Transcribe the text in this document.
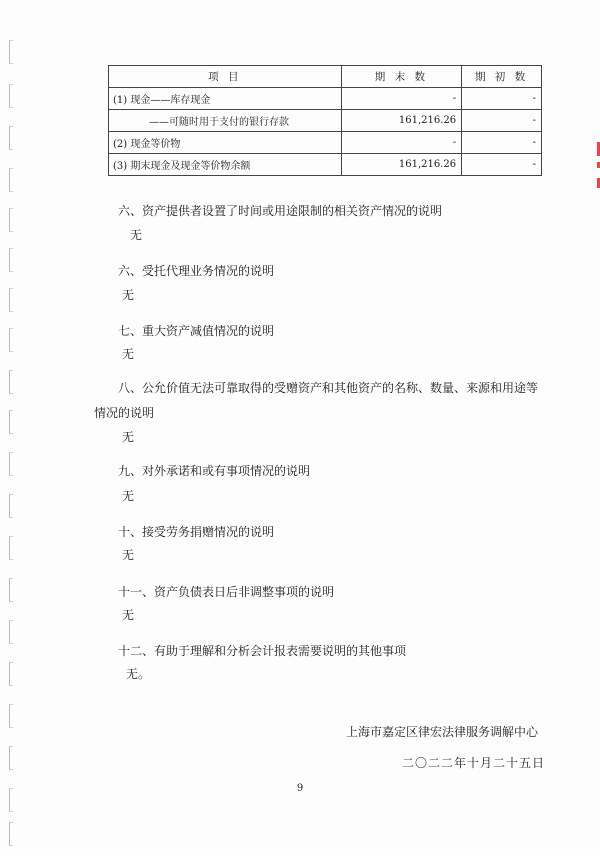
项 目	期 末 数	期 初 数
(1) 现金——库存现金	-	-
——可随时用于支付的银行存款	161,216.26	-
(2) 现金等价物	-	-
(3) 期末现金及现金等价物余额	161,216.26	-
六、资产提供者设置了时间或用途限制的相关资产情况的说明
无
六、受托代理业务情况的说明
无
七、重大资产减值情况的说明
无
八、公允价值无法可靠取得的受赠资产和其他资产的名称、数量、来源和用途等情况的说明
无
九、对外承诺和或有事项情况的说明
无
十、接受劳务捐赠情况的说明
无
十一、资产负债表日后非调整事项的说明
无
十二、有助于理解和分析会计报表需要说明的其他事项
无。
上海市嘉定区律宏法律服务调解中心
二〇二二年十月二十五日
9
